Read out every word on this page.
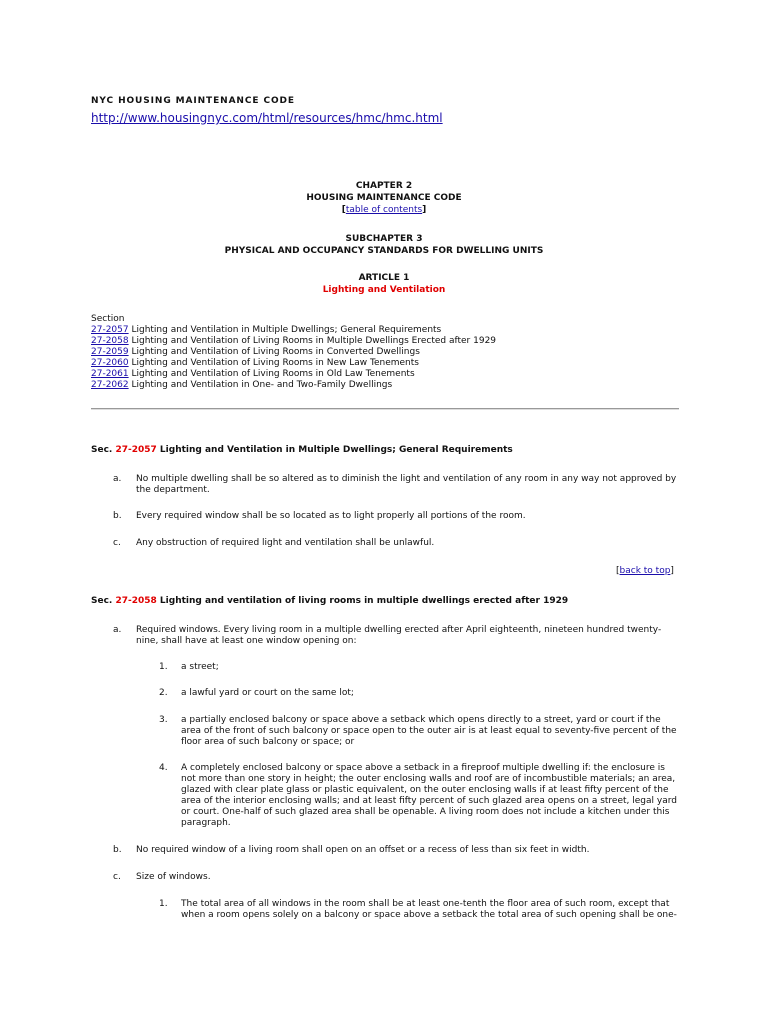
NYC HOUSING MAINTENANCE CODE
http://www.housingnyc.com/html/resources/hmc/hmc.html
CHAPTER 2
HOUSING MAINTENANCE CODE
[table of contents]
SUBCHAPTER 3
PHYSICAL AND OCCUPANCY STANDARDS FOR DWELLING UNITS
ARTICLE 1
Lighting and Ventilation
Section
27-2057 Lighting and Ventilation in Multiple Dwellings; General Requirements
27-2058 Lighting and Ventilation of Living Rooms in Multiple Dwellings Erected after 1929
27-2059 Lighting and Ventilation of Living Rooms in Converted Dwellings
27-2060 Lighting and Ventilation of Living Rooms in New Law Tenements
27-2061 Lighting and Ventilation of Living Rooms in Old Law Tenements
27-2062 Lighting and Ventilation in One- and Two-Family Dwellings
Sec. 27-2057 Lighting and Ventilation in Multiple Dwellings; General Requirements
a.	No multiple dwelling shall be so altered as to diminish the light and ventilation of any room in any way not approved by the department.
b.	Every required window shall be so located as to light properly all portions of the room.
c.	Any obstruction of required light and ventilation shall be unlawful.
[back to top]
Sec. 27-2058 Lighting and ventilation of living rooms in multiple dwellings erected after 1929
a.	Required windows. Every living room in a multiple dwelling erected after April eighteenth, nineteen hundred twenty-nine, shall have at least one window opening on:
1.	a street;
2.	a lawful yard or court on the same lot;
3.	a partially enclosed balcony or space above a setback which opens directly to a street, yard or court if the area of the front of such balcony or space open to the outer air is at least equal to seventy-five percent of the floor area of such balcony or space; or
4.	A completely enclosed balcony or space above a setback in a fireproof multiple dwelling if: the enclosure is not more than one story in height; the outer enclosing walls and roof are of incombustible materials; an area, glazed with clear plate glass or plastic equivalent, on the outer enclosing walls if at least fifty percent of the area of the interior enclosing walls; and at least fifty percent of such glazed area opens on a street, legal yard or court. One-half of such glazed area shall be openable. A living room does not include a kitchen under this paragraph.
b.	No required window of a living room shall open on an offset or a recess of less than six feet in width.
c.	Size of windows.
1.	The total area of all windows in the room shall be at least one-tenth the floor area of such room, except that when a room opens solely on a balcony or space above a setback the total area of such opening shall be one-
